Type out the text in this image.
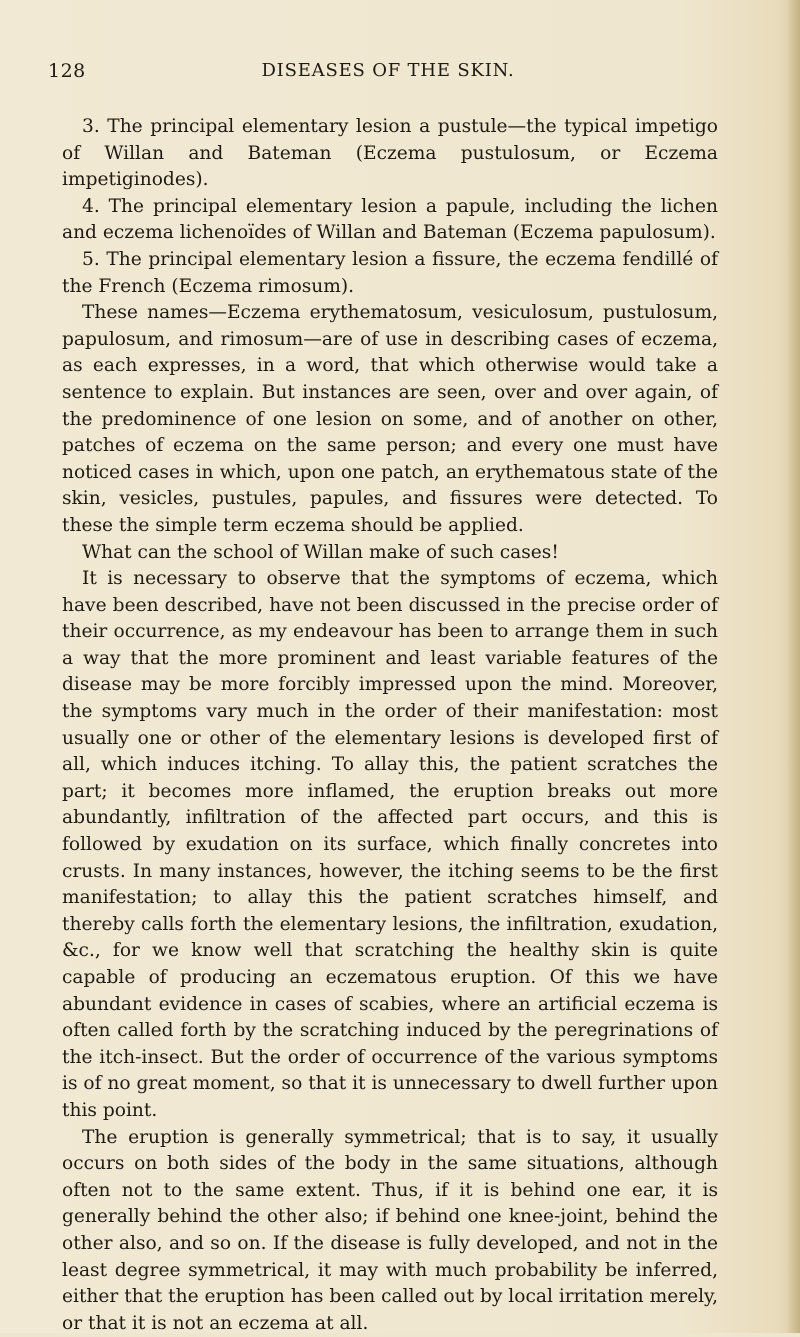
128	DISEASES OF THE SKIN.

3. The principal elementary lesion a pustule—the typical impetigo of Willan and Bateman (Eczema pustulosum, or Eczema impetiginodes).

4. The principal elementary lesion a papule, including the lichen and eczema lichenoïdes of Willan and Bateman (Eczema papulosum).

5. The principal elementary lesion a fissure, the eczema fendillé of the French (Eczema rimosum).

These names—Eczema erythematosum, vesiculosum, pustulosum, papulosum, and rimosum—are of use in describing cases of eczema, as each expresses, in a word, that which otherwise would take a sentence to explain. But instances are seen, over and over again, of the predominence of one lesion on some, and of another on other, patches of eczema on the same person; and every one must have noticed cases in which, upon one patch, an erythematous state of the skin, vesicles, pustules, papules, and fissures were detected. To these the simple term eczema should be applied.

What can the school of Willan make of such cases!

It is necessary to observe that the symptoms of eczema, which have been described, have not been discussed in the precise order of their occurrence, as my endeavour has been to arrange them in such a way that the more prominent and least variable features of the disease may be more forcibly impressed upon the mind. Moreover, the symptoms vary much in the order of their manifestation: most usually one or other of the elementary lesions is developed first of all, which induces itching. To allay this, the patient scratches the part; it becomes more inflamed, the eruption breaks out more abundantly, infiltration of the affected part occurs, and this is followed by exudation on its surface, which finally concretes into crusts. In many instances, however, the itching seems to be the first manifestation; to allay this the patient scratches himself, and thereby calls forth the elementary lesions, the infiltration, exudation, &c., for we know well that scratching the healthy skin is quite capable of producing an eczematous eruption. Of this we have abundant evidence in cases of scabies, where an artificial eczema is often called forth by the scratching induced by the peregrinations of the itch-insect. But the order of occurrence of the various symptoms is of no great moment, so that it is unnecessary to dwell further upon this point.

The eruption is generally symmetrical; that is to say, it usually occurs on both sides of the body in the same situations, although often not to the same extent. Thus, if it is behind one ear, it is generally behind the other also; if behind one knee-joint, behind the other also, and so on. If the disease is fully developed, and not in the least degree symmetrical, it may with much probability be inferred, either that the eruption has been called out by local irritation merely, or that it is not an eczema at all.
